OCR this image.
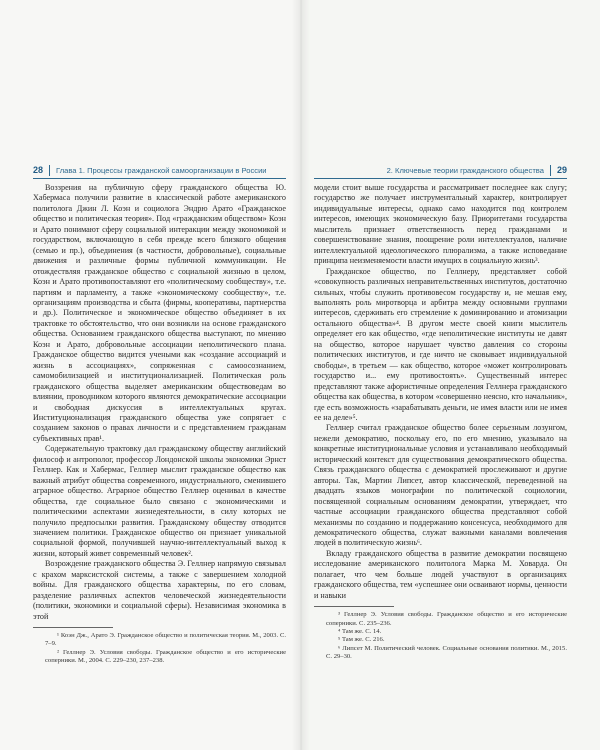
28 Глава 1. Процессы гражданской самоорганизации в России

Воззрения на публичную сферу гражданского общества Ю. Хабермаса получили развитие в классической работе американского политолога Джин Л. Коэн и социолога Эндрю Арато «Гражданское общество и политическая теория». Под «гражданским обществом» Коэн и Арато понимают сферу социальной интеракции между экономикой и государством, включающую в себя прежде всего близкого общения (семью и пр.), объединения (в частности, добровольные), социальные движения и различные формы публичной коммуникации. Не отождествляя гражданское общество с социальной жизнью в целом, Коэн и Арато противопоставляют его «политическому сообществу», т.е. партиям и парламенту, а также «экономическому сообществу», т.е. организациям производства и сбыта (фирмы, кооперативы, партнерства и др.). Политическое и экономическое общество объединяет в их трактовке то обстоятельство, что они возникли на основе гражданского общества. Основанием гражданского общества выступают, по мнению Коэн и Арато, добровольные ассоциации неполитического плана. Гражданское общество видится учеными как «создание ассоциаций и жизнь в ассоциациях», сопряженная с самоосознанием, самомобилизацией и институционализацией. Политическая роль гражданского общества выделяет американским обществоведам во влиянии, проводником которого являются демократические ассоциации и свободная дискуссия в интеллектуальных кругах. Институционализация гражданского общества уже сопрягает с созданием законов о правах личности и с представлением гражданам субъективных прав¹.

Содержательную трактовку дал гражданскому обществу английский философ и антрополог, профессор Лондонской школы экономики Эрнст Геллнер. Как и Хабермас, Геллнер мыслит гражданское общество как важный атрибут общества современного, индустриального, сменившего аграрное общество. Аграрное общество Геллнер оценивал в качестве общества, где социальное было связано с экономическими и политическими аспектами жизнедеятельности, в силу которых не получило предпосылки развития. Гражданскому обществу отводится значением политики. Гражданское общество он признает уникальной социальной формой, получившей научно-интеллектуальный выход к жизни, который живет современный человек².

Возрождение гражданского общества Э. Геллнер напрямую связывал с крахом марксистской системы, а также с завершением холодной войны. Для гражданского общества характерны, по его словам, разделение различных аспектов человеческой жизнедеятельности (политики, экономики и социальной сферы). Независимая экономика в этой

¹ Коэн Дж., Арато Э. Гражданское общество и политическая теория. М., 2003. С. 7–9.

² Геллнер Э. Условия свободы. Гражданское общество и его исторические соперники. М., 2004. С. 229–230, 237–238.

2. Ключевые теории гражданского общества 29

модели стоит выше государства и рассматривает последнее как слугу; государство же получает инструментальный характер, контролирует индивидуальные интересы, однако само находится под контролем интересов, имеющих экономическую базу. Приоритетами государства мыслитель признает ответственность перед гражданами и совершенствование знания, поощрение роли интеллектуалов, наличие интеллектуальной идеологического плюрализма, а также исповедание принципа неизменяемости власти имущих в социальную жизнь³.

Гражданское общество, по Геллнеру, представляет собой «совокупность различных неправительственных институтов, достаточно сильных, чтобы служить противовесом государству и, не мешая ему, выполнять роль миротворца и арбитра между основными группами интересов, сдерживать его стремление к доминированию и атомизации остального общества»⁴. В другом месте своей книги мыслитель определяет его как общество, «где неполитические институты не давят на общество, которое нарушает чувство давления со стороны политических институтов, и где ничто не сковывает индивидуальной свободы», в третьем — как общество, которое «может контролировать государство и... ему противостоять». Существенный интерес представляют также афористичные определения Геллнера гражданского общества как общества, в котором «совершенно неясно, кто начальник», где есть возможность «зарабатывать деньги, не имея власти или не имея ее на деле»⁵.

Геллнер считал гражданское общество более серьезным лозунгом, нежели демократию, поскольку его, по его мнению, указывало на конкретные институциональные условия и устанавливало необходимый исторический контекст для существования демократического общества. Связь гражданского общества с демократией прослеживают и другие авторы. Так, Мартин Липсет, автор классической, переведенной на двадцать языков монографии по политической социологии, посвященной социальным основаниям демократии, утверждает, что частные ассоциации гражданского общества представляют собой механизмы по созданию и поддержанию консенсуса, необходимого для демократического общества, служат важными каналами вовлечения людей в политическую жизнь⁶.

Вкладу гражданского общества в развитие демократии посвящено исследование американского политолога Марка М. Ховарда. Он полагает, что чем больше людей участвуют в организациях гражданского общества, тем «успешнее они осваивают нормы, ценности и навыки

³ Геллнер Э. Условия свободы. Гражданское общество и его исторические соперники. С. 235–236.

⁴ Там же. С. 14.

⁵ Там же. С. 216.

⁶ Липсет М. Политический человек. Социальные основания политики. М., 2015. С. 29–30.
